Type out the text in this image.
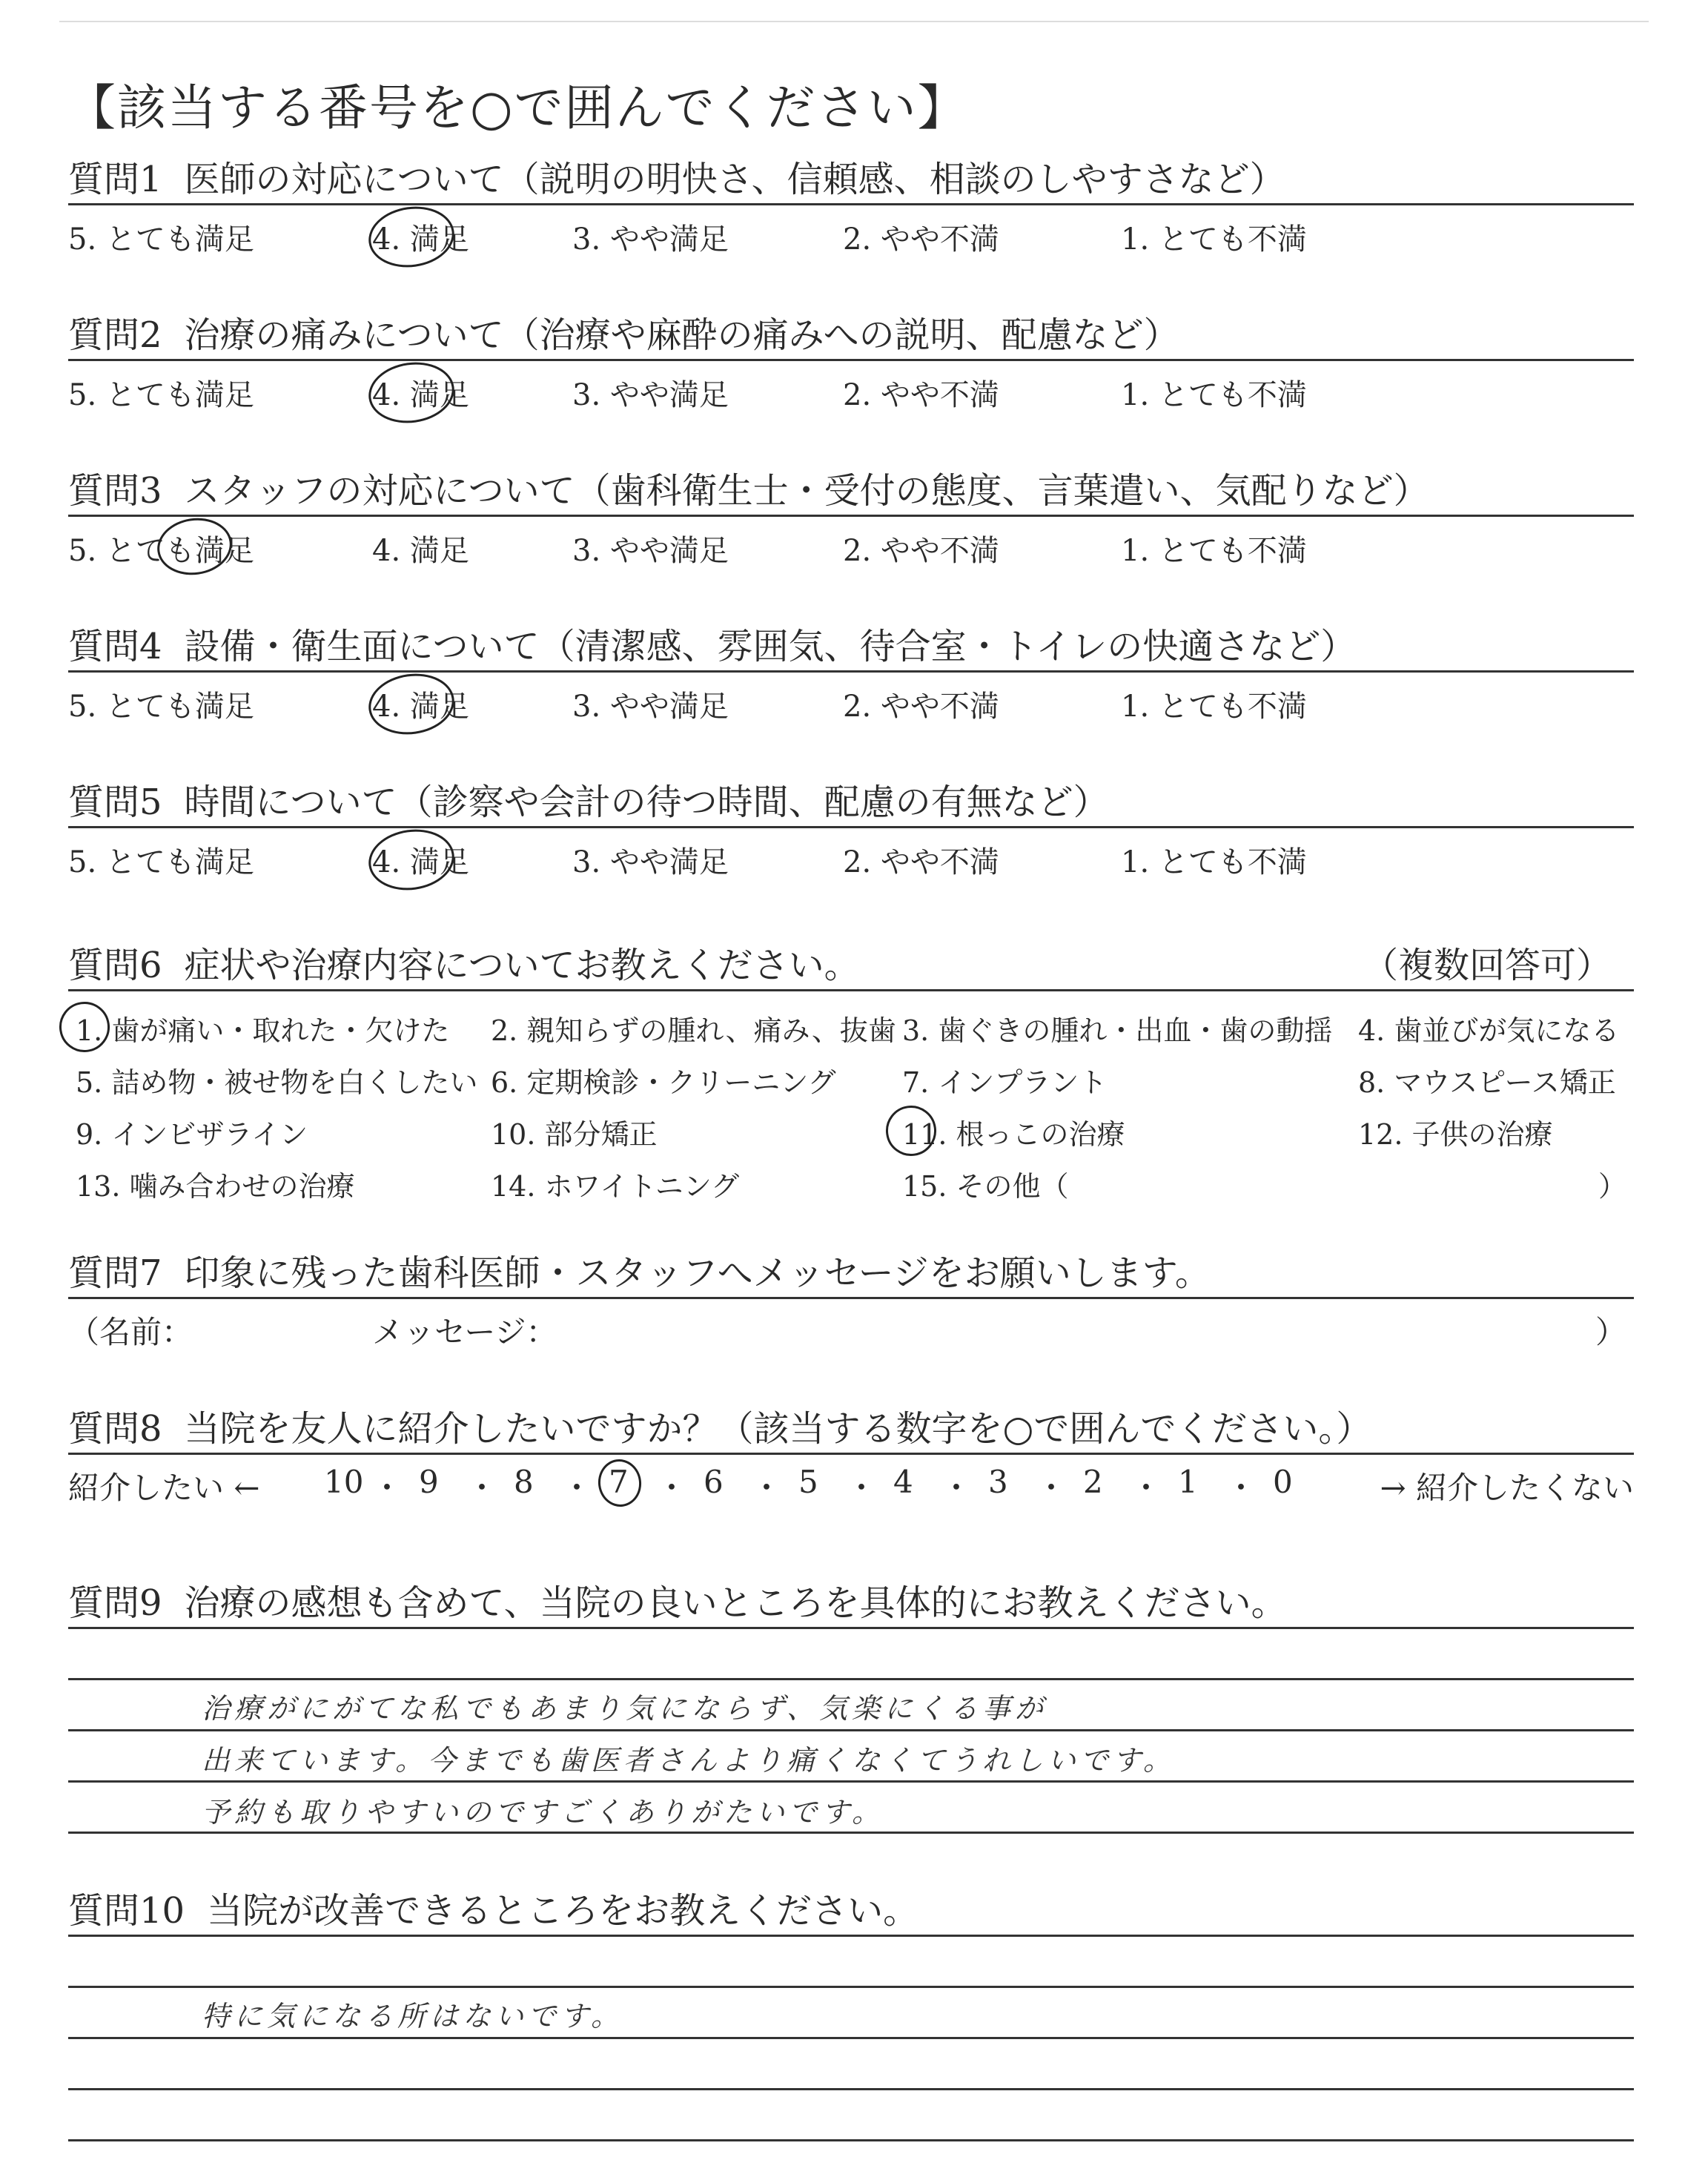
【該当する番号を○で囲んでください】
質問1 医師の対応について（説明の明快さ、信頼感、相談のしやすさなど）
5. とても満足	4. 満足	3. やや満足	2. やや不満	1. とても不満
質問2 治療の痛みについて（治療や麻酔の痛みへの説明、配慮など）
5. とても満足	4. 満足	3. やや満足	2. やや不満	1. とても不満
質問3 スタッフの対応について（歯科衛生士・受付の態度、言葉遣い、気配りなど）
5. とても満足	4. 満足	3. やや満足	2. やや不満	1. とても不満
質問4 設備・衛生面について（清潔感、雰囲気、待合室・トイレの快適さなど）
5. とても満足	4. 満足	3. やや満足	2. やや不満	1. とても不満
質問5 時間について（診察や会計の待つ時間、配慮の有無など）
5. とても満足	4. 満足	3. やや満足	2. やや不満	1. とても不満
質問6 症状や治療内容についてお教えください。	（複数回答可）
1. 歯が痛い・取れた・欠けた 2. 親知らずの腫れ、痛み、抜歯 3. 歯ぐきの腫れ・出血・歯の動揺 4. 歯並びが気になる
5. 詰め物・被せ物を白くしたい 6. 定期検診・クリーニング 7. インプラント	8. マウスピース矯正
9. インビザライン	10. 部分矯正	11. 根っこの治療	12. 子供の治療
13. 噛み合わせの治療	14. ホワイトニング	15. その他（	）
質問7 印象に残った歯科医師・スタッフへメッセージをお願いします。
（名前：	メッセージ：	）
質問8 当院を友人に紹介したいですか？（該当する数字を○で囲んでください。）
紹介したい ←	→ 紹介したくない
10 ・ 9 ・ 8 ・ 7 ・ 6 ・ 5 ・ 4 ・ 3 ・ 2 ・ 1 ・ 0
質問9 治療の感想も含めて、当院の良いところを具体的にお教えください。
治療がにがてな私でもあまり気にならず、気楽にくる事が
出来ています。今までも歯医者さんより痛くなくてうれしいです。
予約も取りやすいのですごくありがたいです。
質問10 当院が改善できるところをお教えください。
特に気になる所はないです。
